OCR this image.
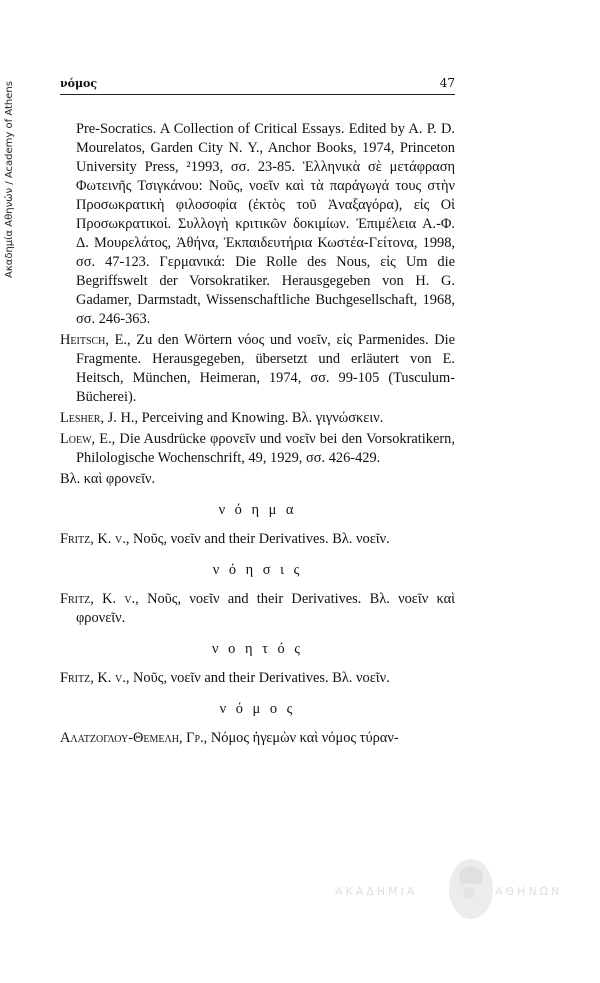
Ακαδημία Αθηνών / Academy of Athens	νόμος	47

Pre-Socratics. A Collection of Critical Essays. Edited by A. P. D. Mourelatos, Garden City N. Y., Anchor Books, 1974, Princeton University Press, ²1993, σσ. 23-85. Ἑλληνικὰ σὲ μετάφραση Φωτεινῆς Τσιγκάνου: Νοῦς, νοεῖν καὶ τὰ παράγωγά τους στὴν Προσωκρατικὴ φιλοσοφία (ἐκτὸς τοῦ Ἀναξαγόρα), εἰς Οἱ Προσωκρατικοί. Συλλογὴ κριτικῶν δοκιμίων. Ἐπιμέλεια Α.-Φ. Δ. Μουρελάτος, Ἀθήνα, Ἐκπαιδευτήρια Κωστέα-Γείτονα, 1998, σσ. 47-123. Γερμανικά: Die Rolle des Nous, εἰς Um die Begriffswelt der Vorsokratiker. Herausgegeben von H. G. Gadamer, Darmstadt, Wissenschaftliche Buchgesellschaft, 1968, σσ. 246-363.

Heitsch, E., Zu den Wörtern νόος und νοεῖν, εἰς Parmenides. Die Fragmente. Herausgegeben, übersetzt und erläutert von E. Heitsch, München, Heimeran, 1974, σσ. 99-105 (Tusculum-Bücherei).

Lesher, J. H., Perceiving and Knowing. Βλ. γιγνώσκειν.

Loew, E., Die Ausdrücke φρονεῖν und νοεῖν bei den Vorsokratikern, Philologische Wochenschrift, 49, 1929, σσ. 426-429.

Βλ. καὶ φρονεῖν.

ν ό η μ α

Fritz, K. v., Νοῦς, νοεῖν and their Derivatives. Βλ. νοεῖν.

ν ό η σ ι ς

Fritz, K. v., Νοῦς, νοεῖν and their Derivatives. Βλ. νοεῖν καὶ φρονεῖν.

ν ο η τ ό ς

Fritz, K. v., Νοῦς, νοεῖν and their Derivatives. Βλ. νοεῖν.

ν ό μ ο ς

Αλατζογλου-Θεμελη, Γρ., Νόμος ἡγεμὼν καὶ νόμος τύραν-

ΑΚΑΔΗΜΙΑ	ΑΘΗΝΩΝ
